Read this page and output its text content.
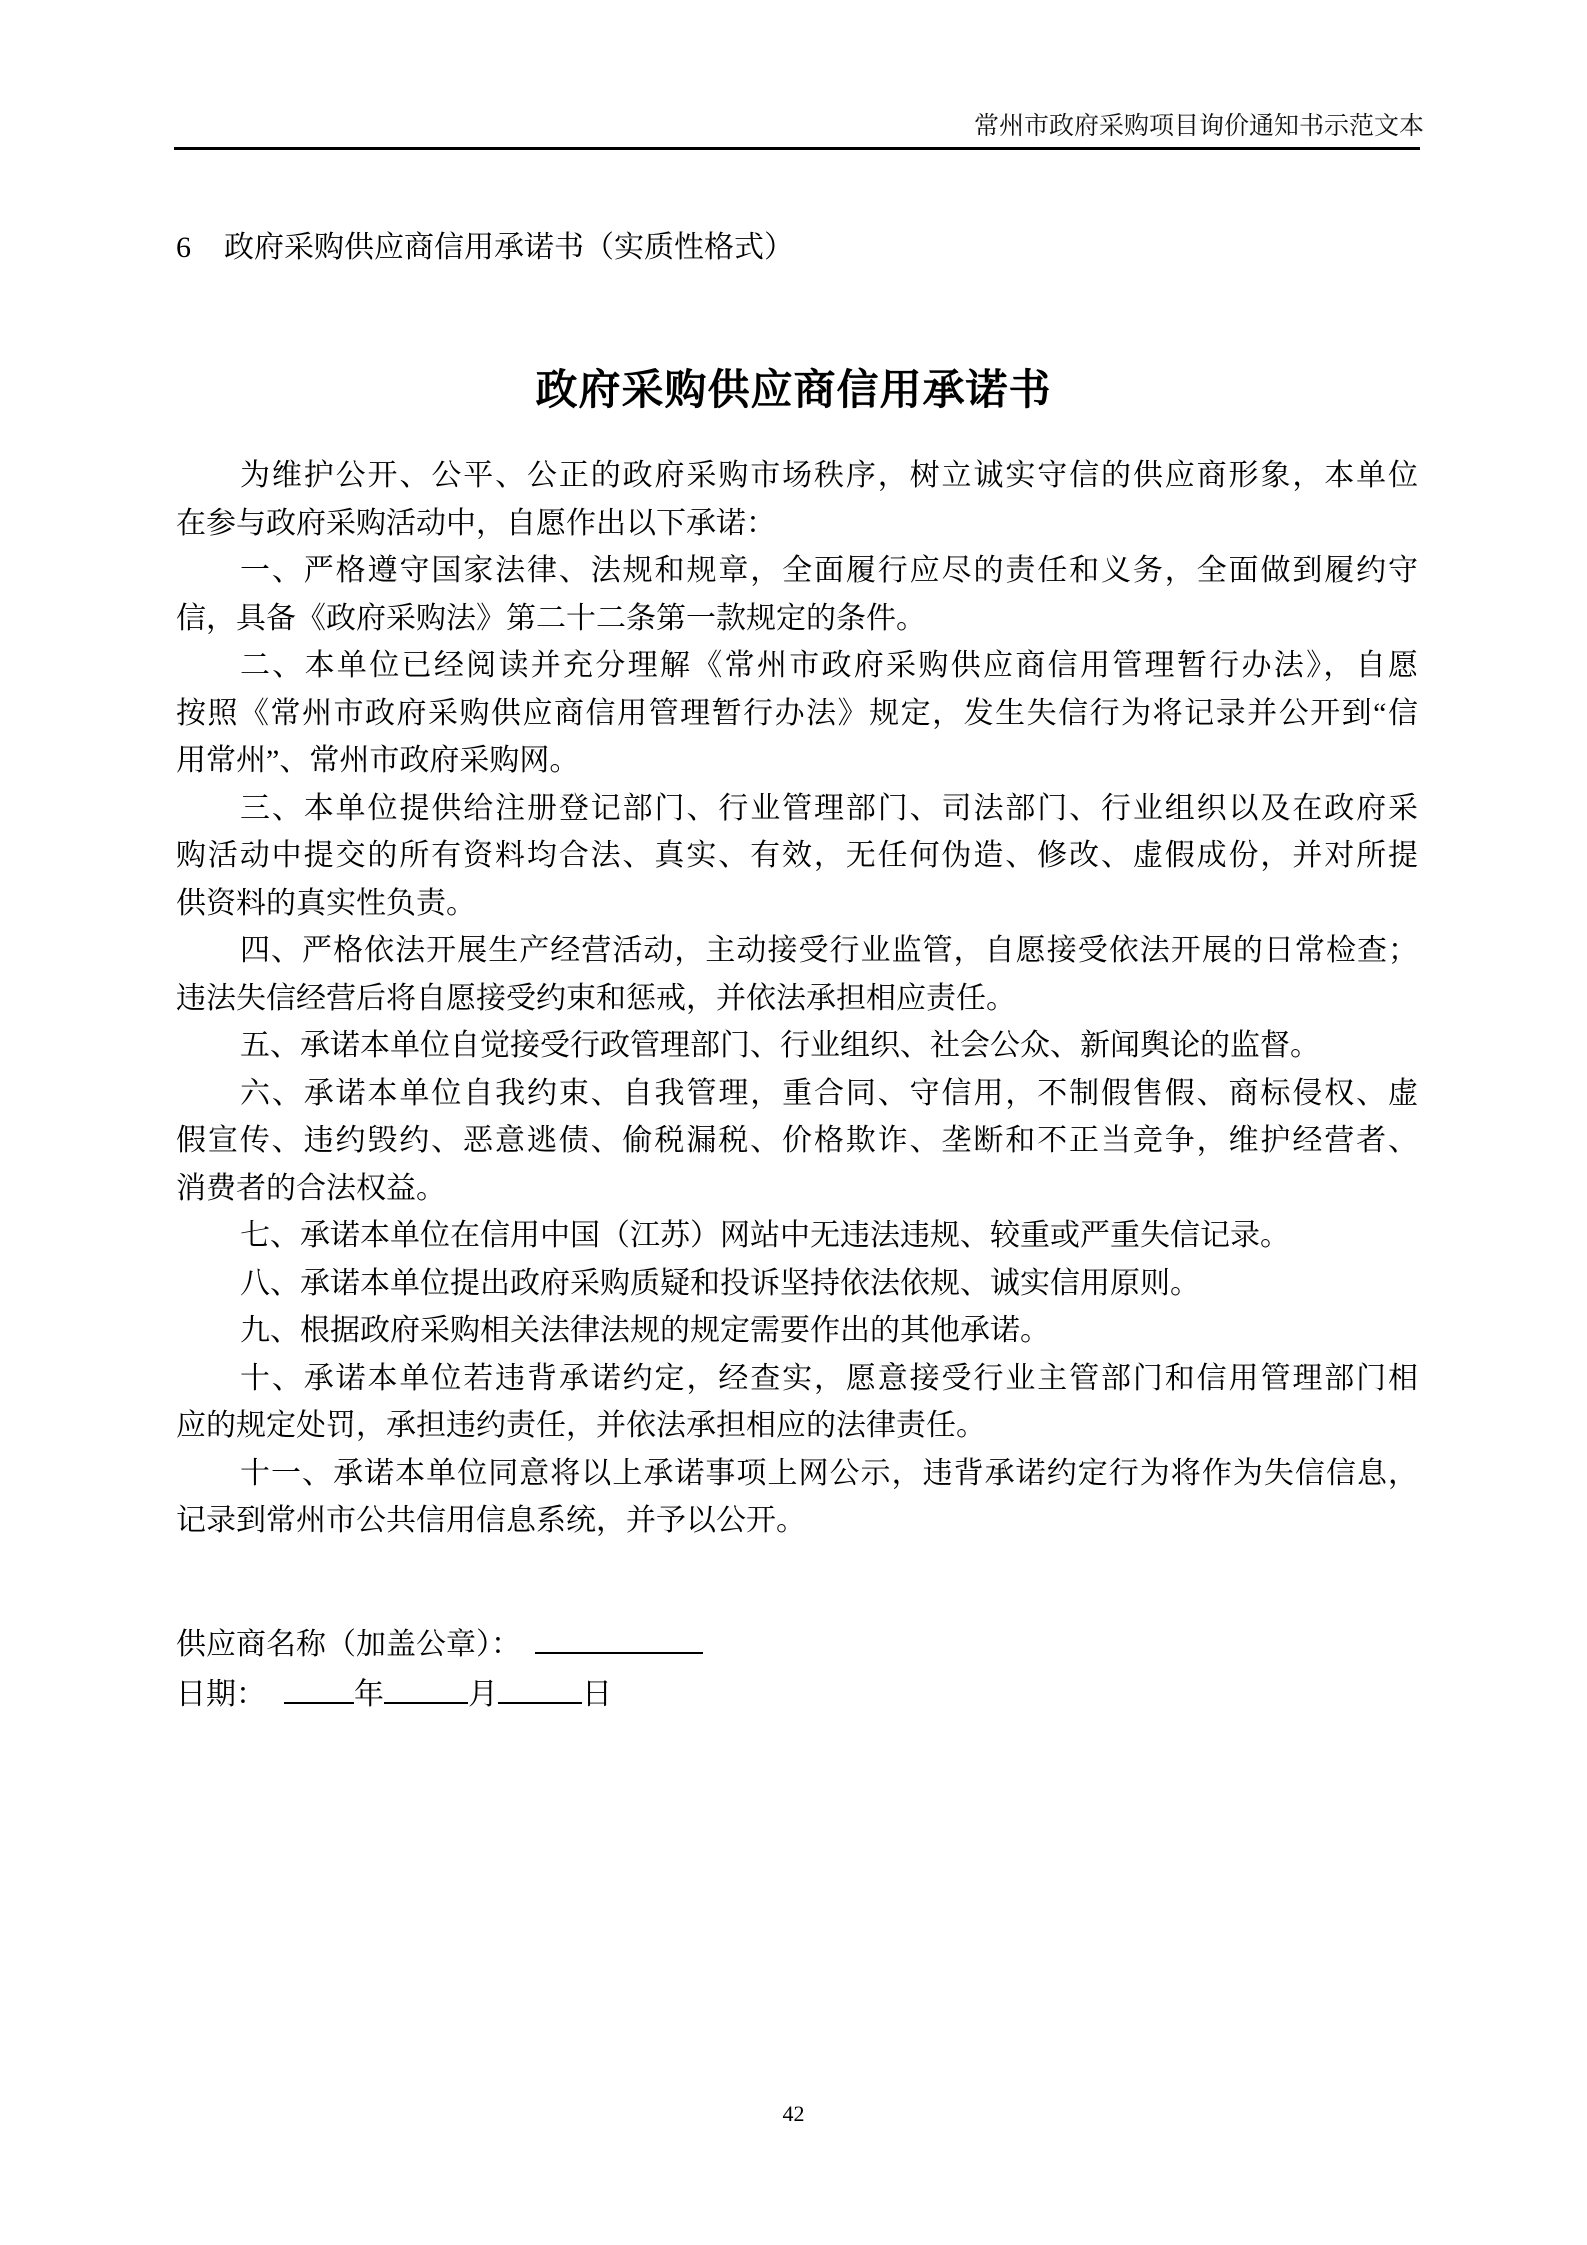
常州市政府采购项目询价通知书示范文本
6 政府采购供应商信用承诺书（实质性格式）
政府采购供应商信用承诺书
为维护公开、公平、公正的政府采购市场秩序，树立诚实守信的供应商形象，本单位
在参与政府采购活动中，自愿作出以下承诺：
一、严格遵守国家法律、法规和规章，全面履行应尽的责任和义务，全面做到履约守
信，具备《政府采购法》第二十二条第一款规定的条件。
二、本单位已经阅读并充分理解《常州市政府采购供应商信用管理暂行办法》，自愿
按照《常州市政府采购供应商信用管理暂行办法》规定，发生失信行为将记录并公开到“信
用常州”、常州市政府采购网。
三、本单位提供给注册登记部门、行业管理部门、司法部门、行业组织以及在政府采
购活动中提交的所有资料均合法、真实、有效，无任何伪造、修改、虚假成份，并对所提
供资料的真实性负责。
四、严格依法开展生产经营活动，主动接受行业监管，自愿接受依法开展的日常检查；
违法失信经营后将自愿接受约束和惩戒，并依法承担相应责任。
五、承诺本单位自觉接受行政管理部门、行业组织、社会公众、新闻舆论的监督。
六、承诺本单位自我约束、自我管理，重合同、守信用，不制假售假、商标侵权、虚
假宣传、违约毁约、恶意逃债、偷税漏税、价格欺诈、垄断和不正当竞争，维护经营者、
消费者的合法权益。
七、承诺本单位在信用中国（江苏）网站中无违法违规、较重或严重失信记录。
八、承诺本单位提出政府采购质疑和投诉坚持依法依规、诚实信用原则。
九、根据政府采购相关法律法规的规定需要作出的其他承诺。
十、承诺本单位若违背承诺约定，经查实，愿意接受行业主管部门和信用管理部门相
应的规定处罚，承担违约责任，并依法承担相应的法律责任。
十一、承诺本单位同意将以上承诺事项上网公示，违背承诺约定行为将作为失信信息，
记录到常州市公共信用信息系统，并予以公开。
供应商名称（加盖公章）：
日期：	年	月	日
42
